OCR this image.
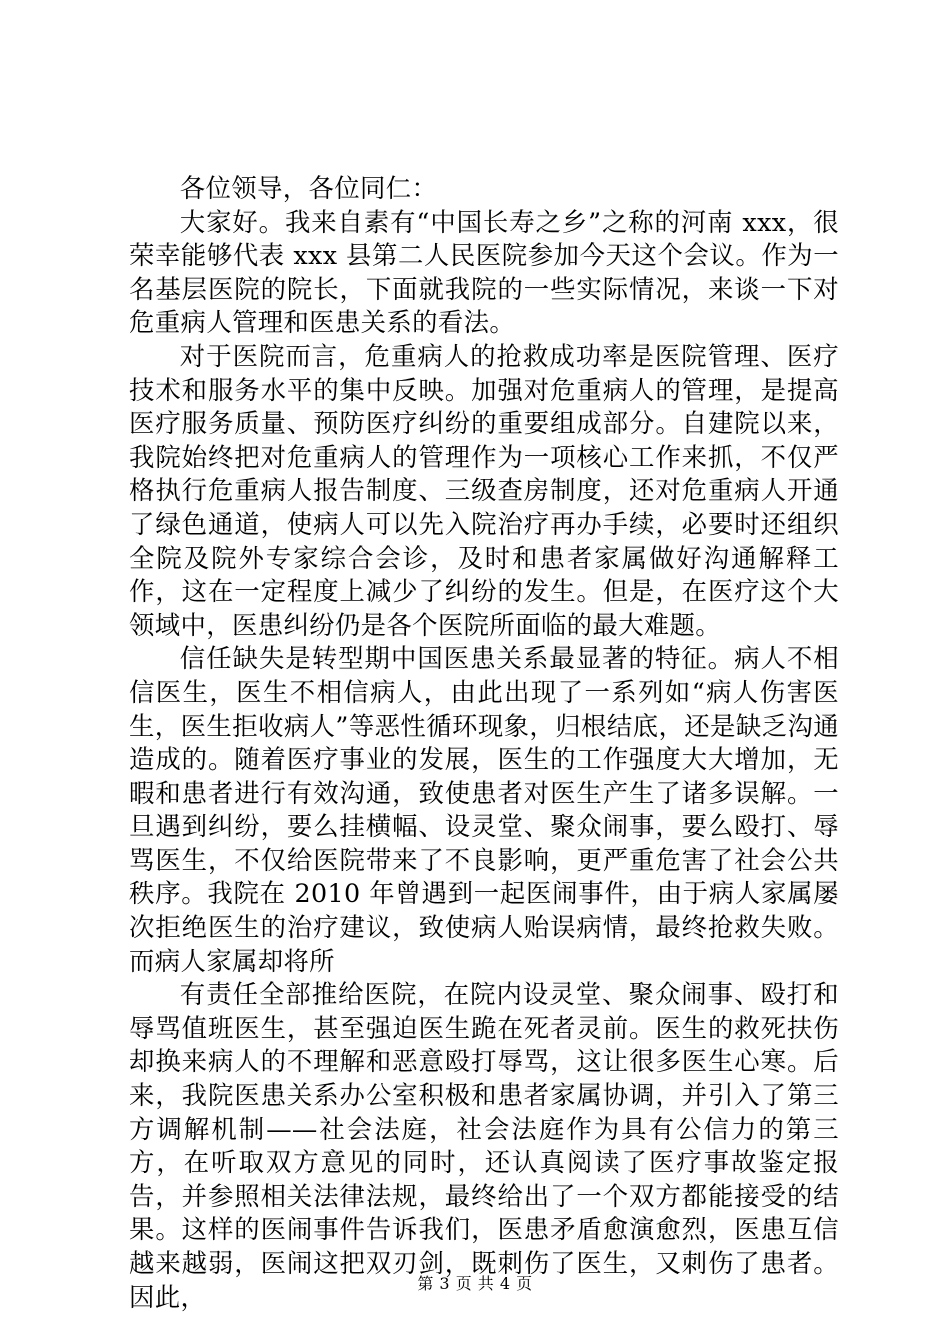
各位领导，各位同仁：

大家好。我来自素有“中国长寿之乡”之称的河南 xxx，很荣幸能够代表 xxx 县第二人民医院参加今天这个会议。作为一名基层医院的院长，下面就我院的一些实际情况，来谈一下对危重病人管理和医患关系的看法。

对于医院而言，危重病人的抢救成功率是医院管理、医疗技术和服务水平的集中反映。加强对危重病人的管理，是提高医疗服务质量、预防医疗纠纷的重要组成部分。自建院以来，我院始终把对危重病人的管理作为一项核心工作来抓，不仅严格执行危重病人报告制度、三级查房制度，还对危重病人开通了绿色通道，使病人可以先入院治疗再办手续，必要时还组织全院及院外专家综合会诊，及时和患者家属做好沟通解释工作，这在一定程度上减少了纠纷的发生。但是，在医疗这个大领域中，医患纠纷仍是各个医院所面临的最大难题。

信任缺失是转型期中国医患关系最显著的特征。病人不相信医生，医生不相信病人，由此出现了一系列如“病人伤害医生，医生拒收病人”等恶性循环现象，归根结底，还是缺乏沟通造成的。随着医疗事业的发展，医生的工作强度大大增加，无暇和患者进行有效沟通，致使患者对医生产生了诸多误解。一旦遇到纠纷，要么挂横幅、设灵堂、聚众闹事，要么殴打、辱骂医生，不仅给医院带来了不良影响，更严重危害了社会公共秩序。我院在 2010 年曾遇到一起医闹事件，由于病人家属屡次拒绝医生的治疗建议，致使病人贻误病情，最终抢救失败。而病人家属却将所

有责任全部推给医院，在院内设灵堂、聚众闹事、殴打和辱骂值班医生，甚至强迫医生跪在死者灵前。医生的救死扶伤却换来病人的不理解和恶意殴打辱骂，这让很多医生心寒。后来，我院医患关系办公室积极和患者家属协调，并引入了第三方调解机制——社会法庭，社会法庭作为具有公信力的第三方，在听取双方意见的同时，还认真阅读了医疗事故鉴定报告，并参照相关法律法规，最终给出了一个双方都能接受的结果。这样的医闹事件告诉我们，医患矛盾愈演愈烈，医患互信越来越弱，医闹这把双刃剑，既刺伤了医生，又刺伤了患者。因此，	第 3 页 共 4 页
